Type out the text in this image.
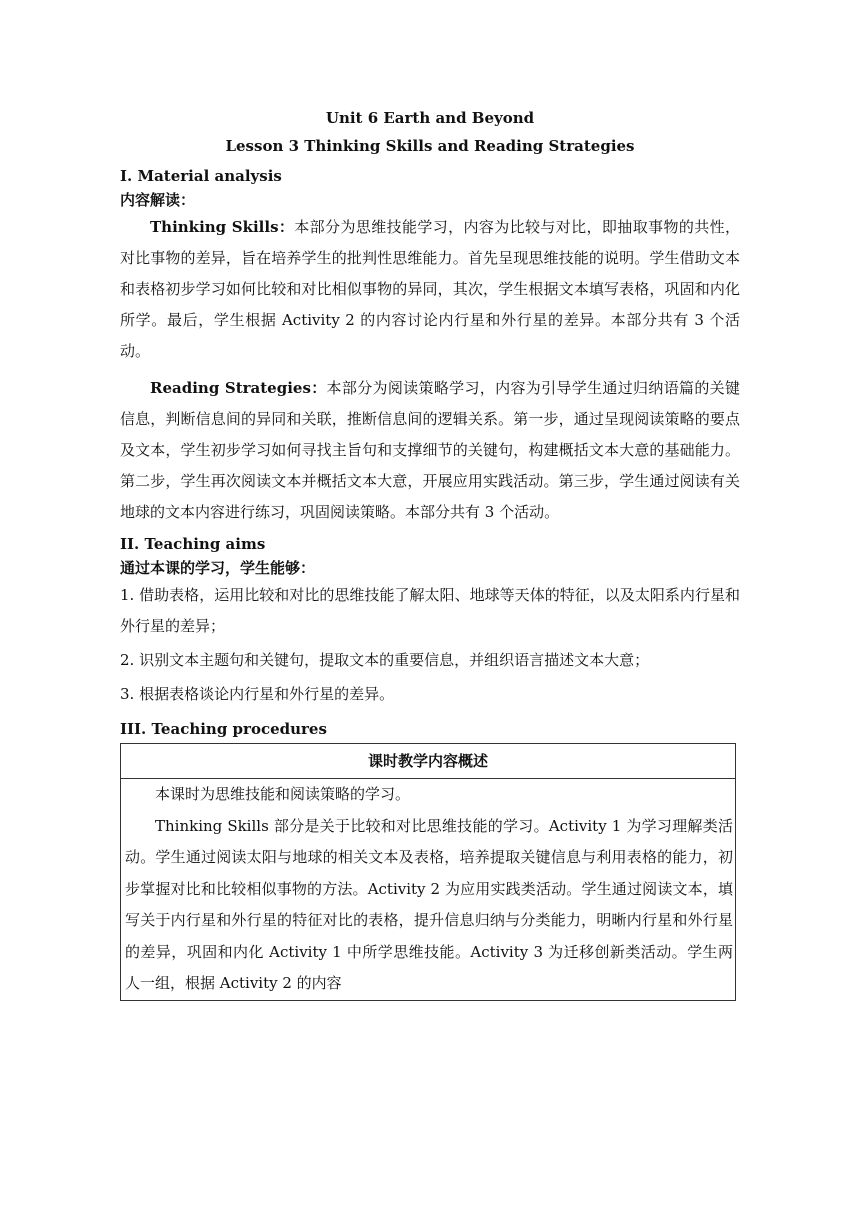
Unit 6 Earth and Beyond
Lesson 3 Thinking Skills and Reading Strategies
I. Material analysis
内容解读：

Thinking Skills：本部分为思维技能学习，内容为比较与对比，即抽取事物的共性，对比事物的差异，旨在培养学生的批判性思维能力。首先呈现思维技能的说明。学生借助文本和表格初步学习如何比较和对比相似事物的异同，其次，学生根据文本填写表格，巩固和内化所学。最后，学生根据 Activity 2 的内容讨论内行星和外行星的差异。本部分共有 3 个活动。

Reading Strategies：本部分为阅读策略学习，内容为引导学生通过归纳语篇的关键信息，判断信息间的异同和关联，推断信息间的逻辑关系。第一步，通过呈现阅读策略的要点及文本，学生初步学习如何寻找主旨句和支撑细节的关键句，构建概括文本大意的基础能力。第二步，学生再次阅读文本并概括文本大意，开展应用实践活动。第三步，学生通过阅读有关地球的文本内容进行练习，巩固阅读策略。本部分共有 3 个活动。

II. Teaching aims
通过本课的学习，学生能够：

1. 借助表格，运用比较和对比的思维技能了解太阳、地球等天体的特征，以及太阳系内行星和外行星的差异；

2. 识别文本主题句和关键句，提取文本的重要信息，并组织语言描述文本大意；

3. 根据表格谈论内行星和外行星的差异。

III. Teaching procedures
课时教学内容概述

本课时为思维技能和阅读策略的学习。

Thinking Skills 部分是关于比较和对比思维技能的学习。Activity 1 为学习理解类活动。学生通过阅读太阳与地球的相关文本及表格，培养提取关键信息与利用表格的能力，初步掌握对比和比较相似事物的方法。Activity 2 为应用实践类活动。学生通过阅读文本，填写关于内行星和外行星的特征对比的表格，提升信息归纳与分类能力，明晰内行星和外行星的差异，巩固和内化 Activity 1 中所学思维技能。Activity 3 为迁移创新类活动。学生两人一组，根据 Activity 2 的内容
